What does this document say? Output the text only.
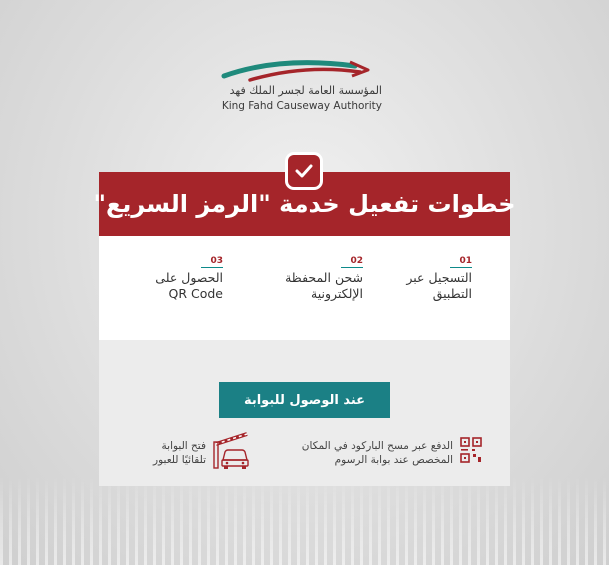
المؤسسة العامة لجسر الملك فهد
King Fahd Causeway Authority
خطوات تفعيل خدمة "الرمز السريع"
01
التسجيل عبر
التطبيق
02
شحن المحفظة
الإلكترونية
03
الحصول على
QR Code
عند الوصول للبوابة
الدفع عبر مسح الباركود في المكان
المخصص عند بوابة الرسوم
فتح البوابة
تلقائيًا للعبور
